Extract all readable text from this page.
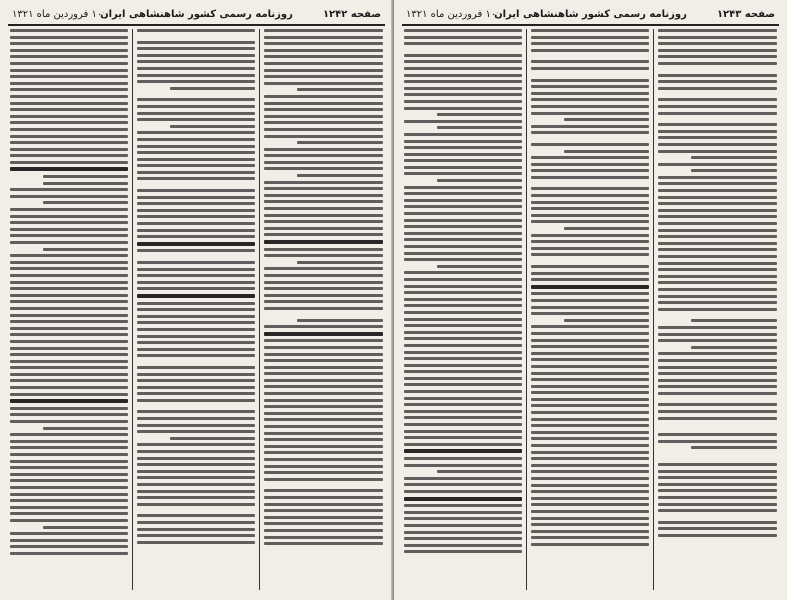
صفحه ۱۲۴۲
روزنامه رسمی کشور شاهنشاهی ایران
۱۰ فروردین ماه ۱۳۲۱	صفحه ۱۲۴۳
روزنامه رسمی کشور شاهنشاهی ایران
۱۰ فروردین ماه ۱۳۲۱
